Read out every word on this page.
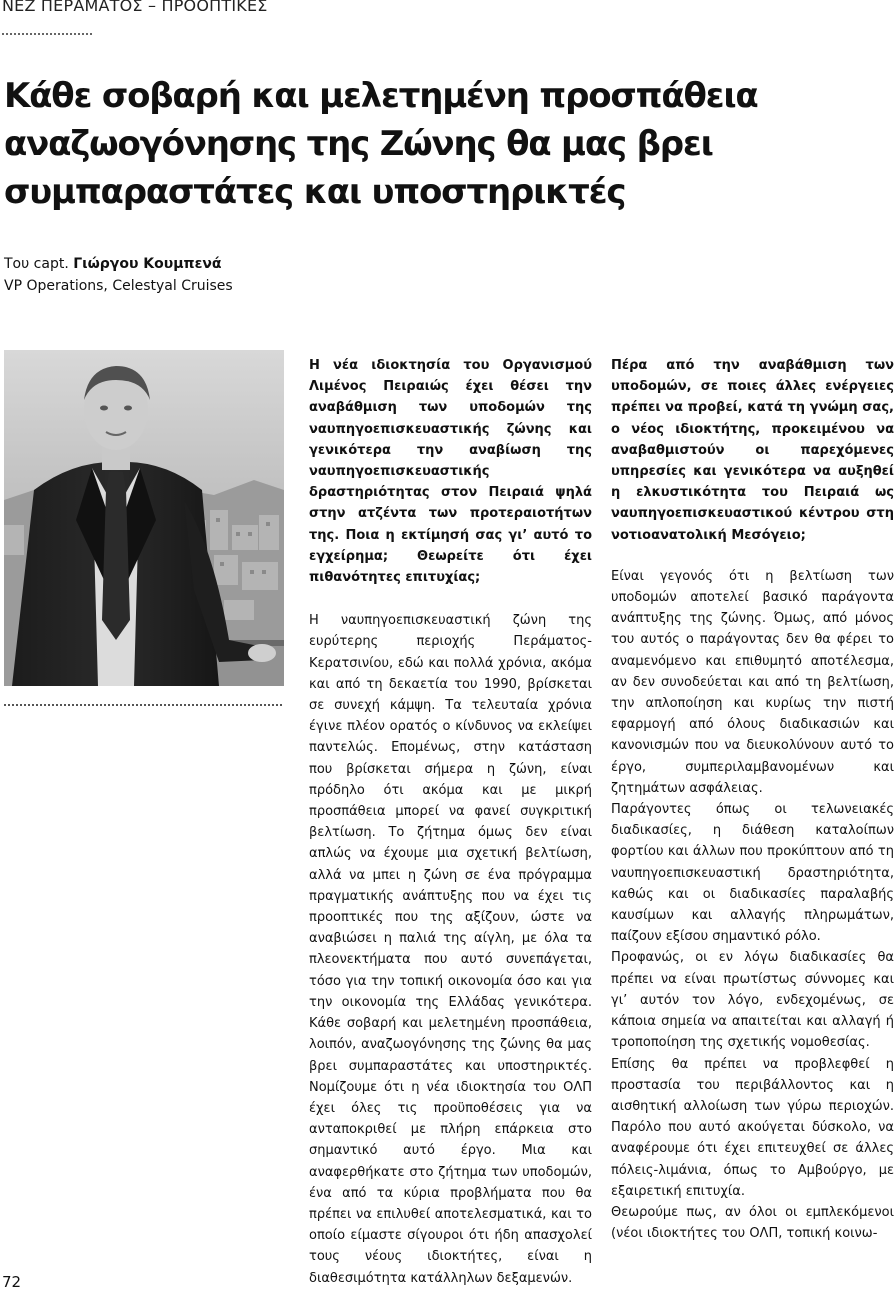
ΝΕΖ ΠΕΡΑΜΑΤΟΣ – ΠΡΟΟΠΤΙΚΕΣ
Κάθε σοβαρή και μελετημένη προσπάθεια αναζωογόνησης της Ζώνης θα μας βρει συμπαραστάτες και υποστηρικτές
Του capt. Γιώργου Κουμπενά
VP Operations, Celestyal Cruises

Η νέα ιδιοκτησία του Οργανισμού Λιμένος Πειραιώς έχει θέσει την αναβάθμιση των υποδομών της ναυπηγοεπισκευαστικής ζώνης και γενικότερα την αναβίωση της ναυπηγοεπισκευαστικής δραστηριότητας στον Πειραιά ψηλά στην ατζέντα των προτεραιοτήτων της. Ποια η εκτίμησή σας γι’ αυτό το εγχείρημα; Θεωρείτε ότι έχει πιθανότητες επιτυχίας;

Η ναυπηγοεπισκευαστική ζώνη της ευρύτερης περιοχής Περάματος-Κερατσινίου, εδώ και πολλά χρόνια, ακόμα και από τη δεκαετία του 1990, βρίσκεται σε συνεχή κάμψη. Τα τελευταία χρόνια έγινε πλέον ορατός ο κίνδυνος να εκλείψει παντελώς. Επομένως, στην κατάσταση που βρίσκεται σήμερα η ζώνη, είναι πρόδηλο ότι ακόμα και με μικρή προσπάθεια μπορεί να φανεί συγκριτική βελτίωση. Το ζήτημα όμως δεν είναι απλώς να έχουμε μια σχετική βελτίωση, αλλά να μπει η ζώνη σε ένα πρόγραμμα πραγματικής ανάπτυξης που να έχει τις προοπτικές που της αξίζουν, ώστε να αναβιώσει η παλιά της αίγλη, με όλα τα πλεονεκτήματα που αυτό συνεπάγεται, τόσο για την τοπική οικονομία όσο και για την οικονομία της Ελλάδας γενικότερα. Κάθε σοβαρή και μελετημένη προσπάθεια, λοιπόν, αναζωογόνησης της ζώνης θα μας βρει συμπαραστάτες και υποστηρικτές. Νομίζουμε ότι η νέα ιδιοκτησία του ΟΛΠ έχει όλες τις προϋποθέσεις για να ανταποκριθεί με πλήρη επάρκεια στο σημαντικό αυτό έργο. Μια και αναφερθήκατε στο ζήτημα των υποδομών, ένα από τα κύρια προβλήματα που θα πρέπει να επιλυθεί αποτελεσματικά, και το οποίο είμαστε σίγουροι ότι ήδη απασχολεί τους νέους ιδιοκτήτες, είναι η διαθεσιμότητα κατάλληλων δεξαμενών.

Πέρα από την αναβάθμιση των υποδομών, σε ποιες άλλες ενέργειες πρέπει να προβεί, κατά τη γνώμη σας, ο νέος ιδιοκτήτης, προκειμένου να αναβαθμιστούν οι παρεχόμενες υπηρεσίες και γενικότερα να αυξηθεί η ελκυστικότητα του Πειραιά ως ναυπηγοεπισκευαστικού κέντρου στη νοτιοανατολική Μεσόγειο;

Είναι γεγονός ότι η βελτίωση των υποδομών αποτελεί βασικό παράγοντα ανάπτυξης της ζώνης. Όμως, από μόνος του αυτός ο παράγοντας δεν θα φέρει το αναμενόμενο και επιθυμητό αποτέλεσμα, αν δεν συνοδεύεται και από τη βελτίωση, την απλοποίηση και κυρίως την πιστή εφαρμογή από όλους διαδικασιών και κανονισμών που να διευκολύνουν αυτό το έργο, συμπεριλαμβανομένων και ζητημάτων ασφάλειας.

Παράγοντες όπως οι τελωνειακές διαδικασίες, η διάθεση καταλοίπων φορτίου και άλλων που προκύπτουν από τη ναυπηγοεπισκευαστική δραστηριότητα, καθώς και οι διαδικασίες παραλαβής καυσίμων και αλλαγής πληρωμάτων, παίζουν εξίσου σημαντικό ρόλο.

Προφανώς, οι εν λόγω διαδικασίες θα πρέπει να είναι πρωτίστως σύννομες και γι’ αυτόν τον λόγο, ενδεχομένως, σε κάποια σημεία να απαιτείται και αλλαγή ή τροποποίηση της σχετικής νομοθεσίας.

Επίσης θα πρέπει να προβλεφθεί η προστασία του περιβάλλοντος και η αισθητική αλλοίωση των γύρω περιοχών. Παρόλο που αυτό ακούγεται δύσκολο, να αναφέρουμε ότι έχει επιτευχθεί σε άλλες πόλεις-λιμάνια, όπως το Αμβούργο, με εξαιρετική επιτυχία.

Θεωρούμε πως, αν όλοι οι εμπλεκόμενοι (νέοι ιδιοκτήτες του ΟΛΠ, τοπική κοινω-

72
